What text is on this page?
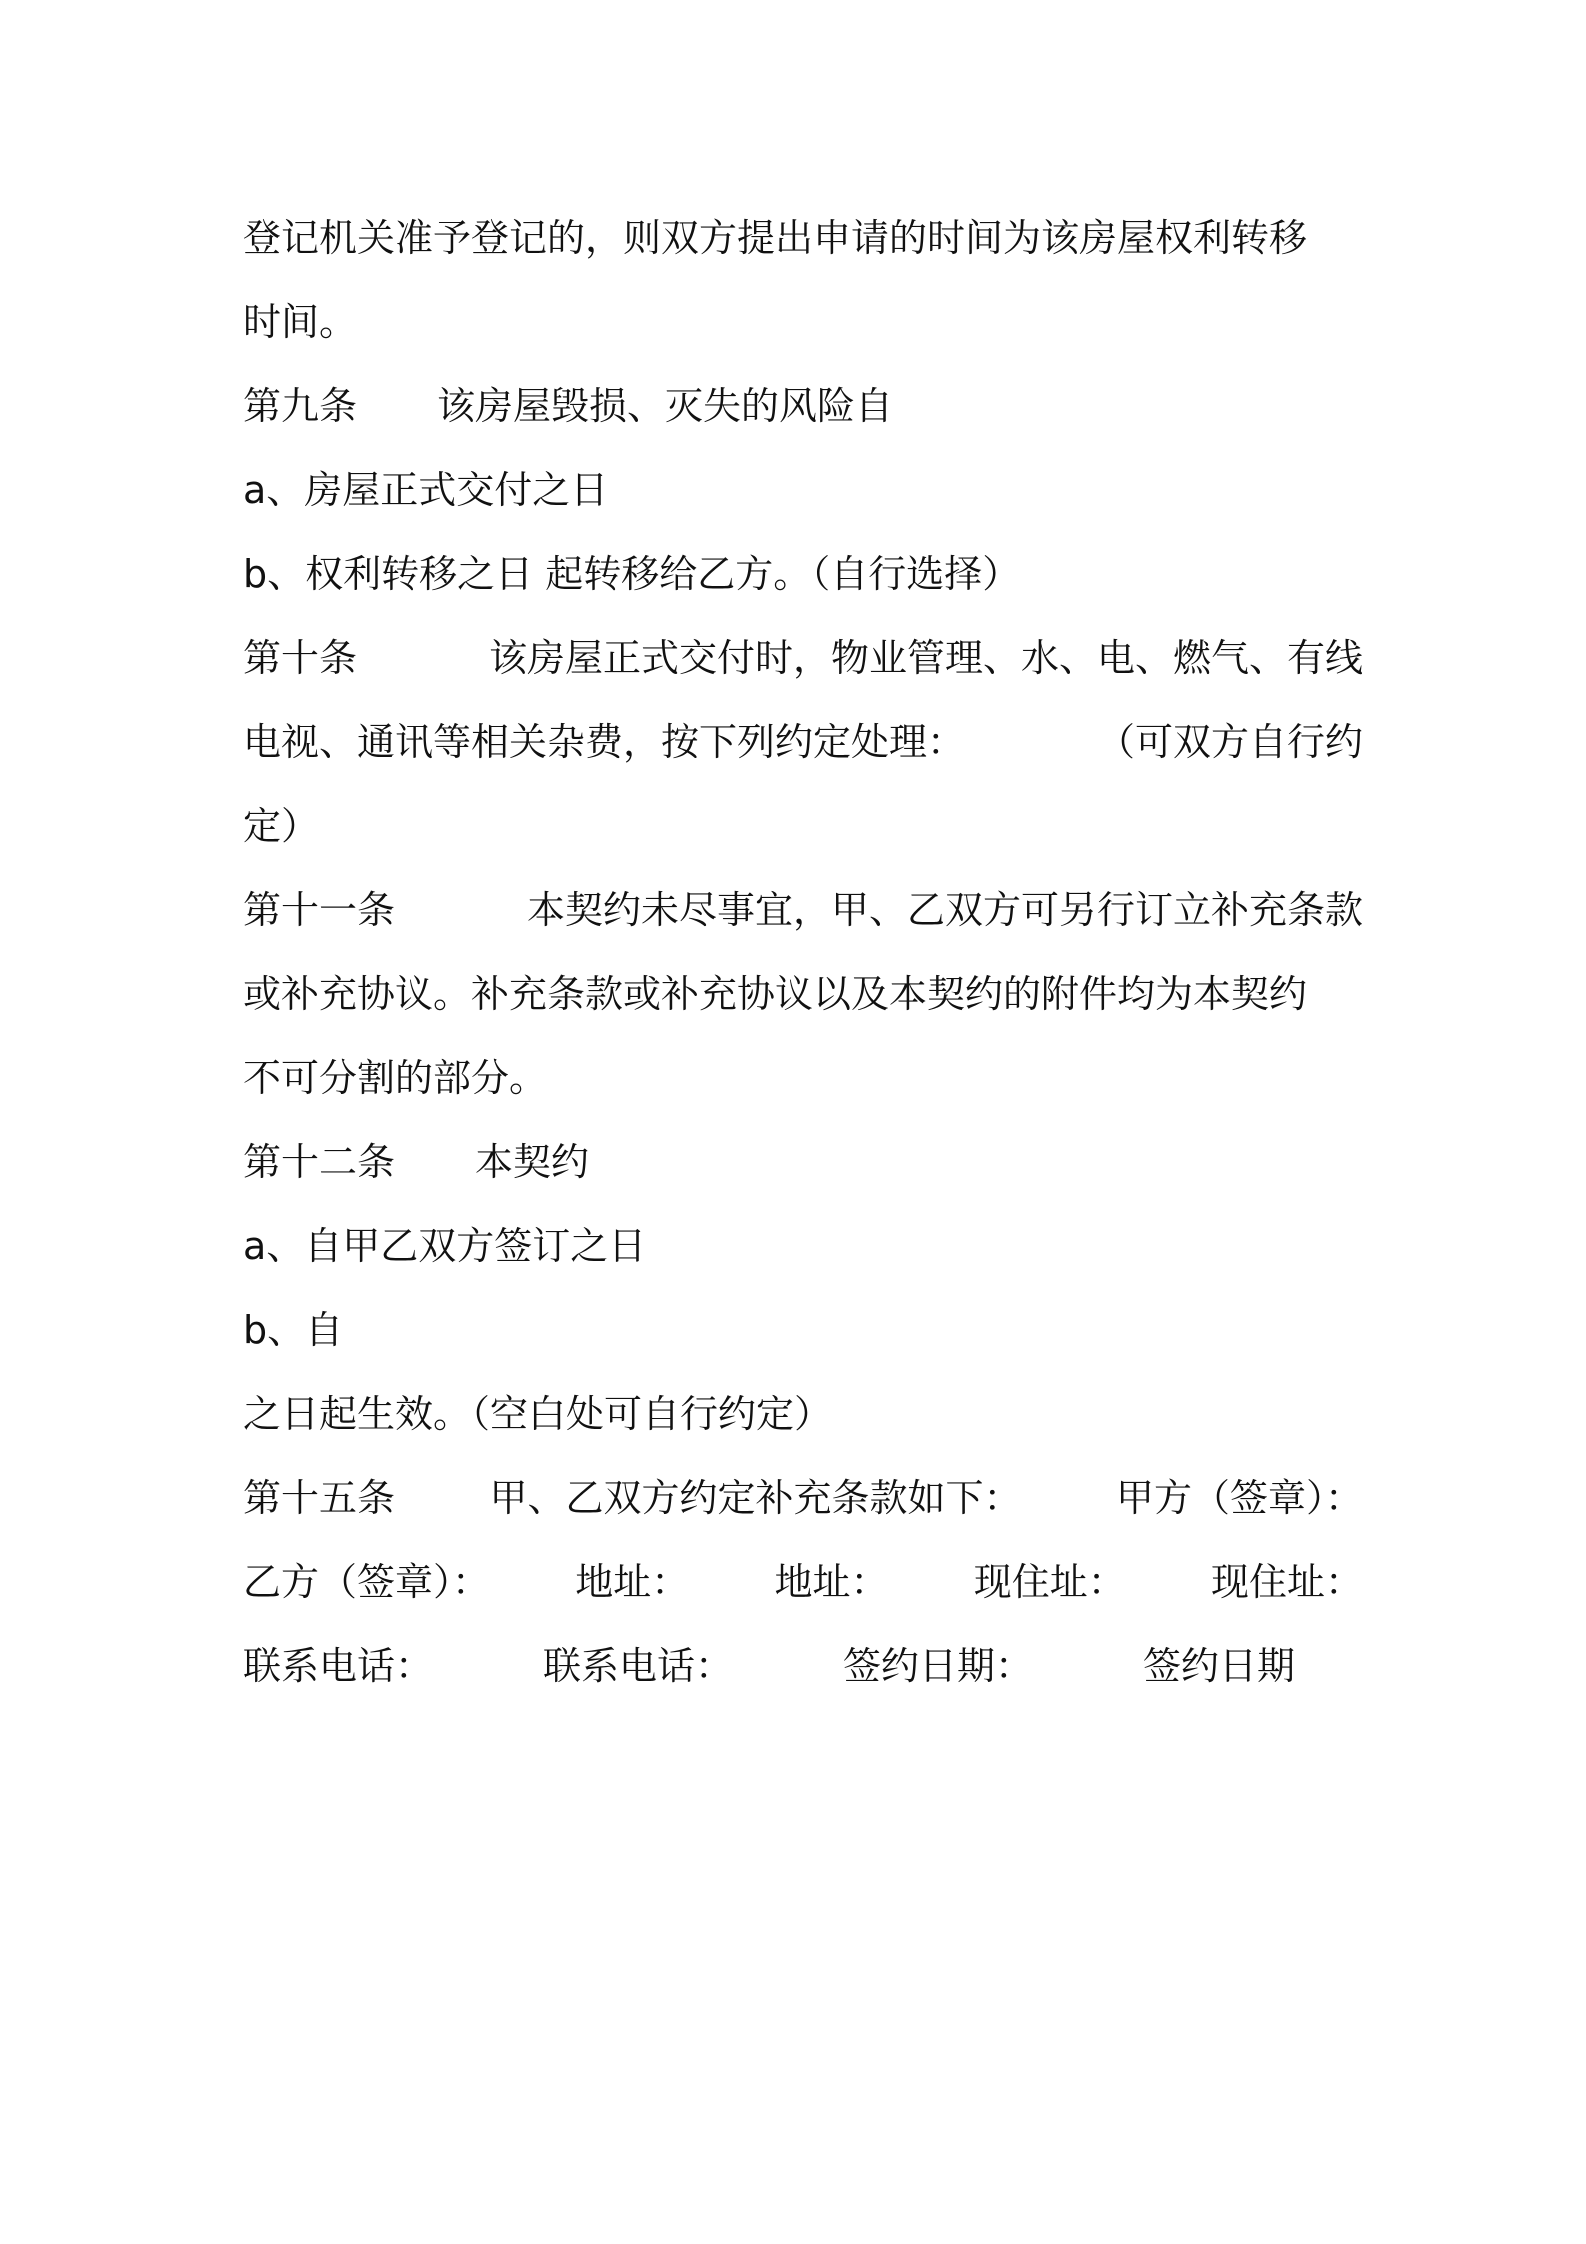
登记机关准予登记的，则双方提出申请的时间为该房屋权利转移
时间。
第九条 该房屋毁损、灭失的风险自
a、房屋正式交付之日
b、权利转移之日 起转移给乙方。（自行选择）
第十条	该房屋正式交付时，物业管理、水、电、燃气、有线
电视、通讯等相关杂费，按下列约定处理：	（可双方自行约
定）
第十一条	本契约未尽事宜，甲、乙双方可另行订立补充条款
或补充协议。补充条款或补充协议以及本契约的附件均为本契约
不可分割的部分。
第十二条 本契约
a、自甲乙双方签订之日
b、自
之日起生效。（空白处可自行约定）
第十五条 甲、乙双方约定补充条款如下： 甲方（签章）：
乙方（签章）： 地址： 地址： 现住址： 现住址：
联系电话：	联系电话：	签约日期：	签约日期
